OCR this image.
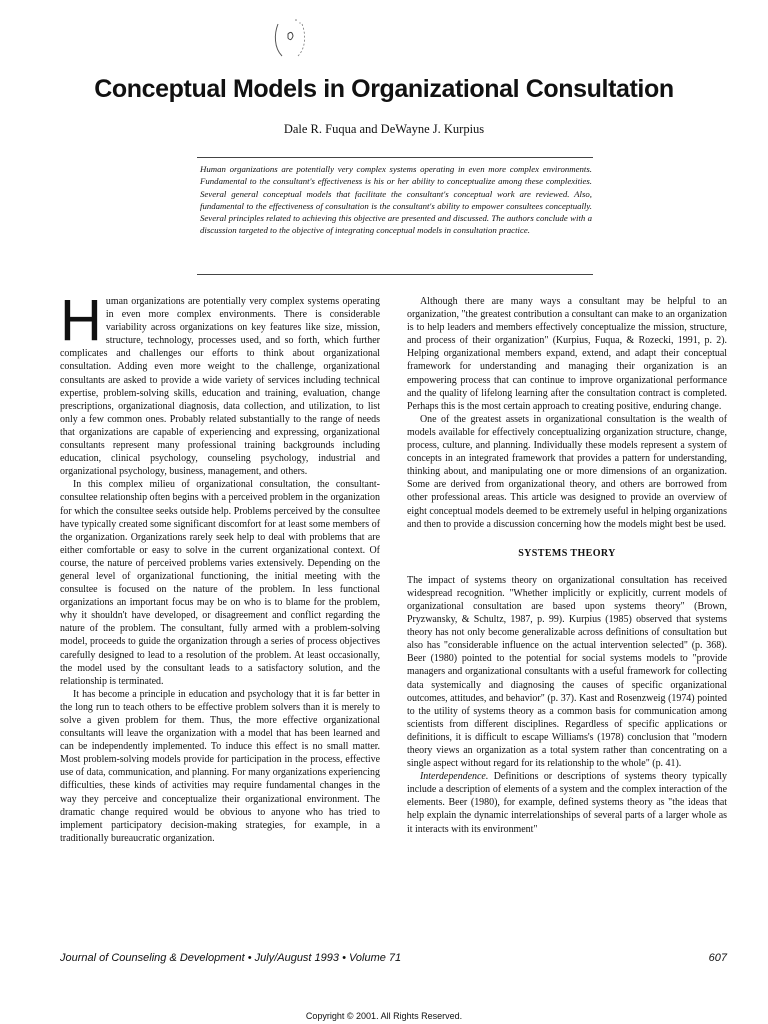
Conceptual Models in Organizational Consultation
Dale R. Fuqua and DeWayne J. Kurpius
Human organizations are potentially very complex systems operating in even more complex environments. Fundamental to the consultant's effectiveness is his or her ability to conceptualize among these complexities. Several general conceptual models that facilitate the consultant's conceptual work are reviewed. Also, fundamental to the effectiveness of consultation is the consultant's ability to empower consultees conceptually. Several principles related to achieving this objective are presented and discussed. The authors conclude with a discussion targeted to the objective of integrating conceptual models in consultation practice.

Human organizations are potentially very complex systems operating in even more complex environments. There is considerable variability across organizations on key features like size, mission, structure, technology, processes used, and so forth, which further complicates and challenges our efforts to think about organizational consultation. Adding even more weight to the challenge, organizational consultants are asked to provide a wide variety of services including technical expertise, problem-solving skills, education and training, evaluation, change prescriptions, organizational diagnosis, data collection, and utilization, to list only a few common ones. Probably related substantially to the range of needs that organizations are capable of experiencing and expressing, organizational consultants represent many professional training backgrounds including education, clinical psychology, counseling psychology, industrial and organizational psychology, business, management, and others.

In this complex milieu of organizational consultation, the consultant-consultee relationship often begins with a perceived problem in the organization for which the consultee seeks outside help. Problems perceived by the consultee have typically created some significant discomfort for at least some members of the organization. Organizations rarely seek help to deal with problems that are either comfortable or easy to solve in the current organizational context. Of course, the nature of perceived problems varies extensively. Depending on the general level of organizational functioning, the initial meeting with the consultee is focused on the nature of the problem. In less functional organizations an important focus may be on who is to blame for the problem, why it shouldn't have developed, or disagreement and conflict regarding the nature of the problem. The consultant, fully armed with a problem-solving model, proceeds to guide the organization through a series of process objectives carefully designed to lead to a resolution of the problem. At least occasionally, the model used by the consultant leads to a satisfactory solution, and the relationship is terminated.

It has become a principle in education and psychology that it is far better in the long run to teach others to be effective problem solvers than it is merely to solve a given problem for them. Thus, the more effective organizational consultants will leave the organization with a model that has been learned and can be independently implemented. To induce this effect is no small matter. Most problem-solving models provide for participation in the process, effective use of data, communication, and planning. For many organizations experiencing difficulties, these kinds of activities may require fundamental changes in the way they perceive and conceptualize their organizational environment. The dramatic change required would be obvious to anyone who has tried to implement participatory decision-making strategies, for example, in a traditionally bureaucratic organization.

Although there are many ways a consultant may be helpful to an organization, "the greatest contribution a consultant can make to an organization is to help leaders and members effectively conceptualize the mission, structure, and process of their organization" (Kurpius, Fuqua, & Rozecki, 1991, p. 2). Helping organizational members expand, extend, and adapt their conceptual framework for understanding and managing their organization is an empowering process that can continue to improve organizational performance and the quality of lifelong learning after the consultation contract is completed. Perhaps this is the most certain approach to creating positive, enduring change.

One of the greatest assets in organizational consultation is the wealth of models available for effectively conceptualizing organization structure, change, process, culture, and planning. Individually these models represent a system of concepts in an integrated framework that provides a pattern for understanding, thinking about, and manipulating one or more dimensions of an organization. Some are derived from organizational theory, and others are borrowed from other professional areas. This article was designed to provide an overview of eight conceptual models deemed to be extremely useful in helping organizations and then to provide a discussion concerning how the models might best be used.

SYSTEMS THEORY

The impact of systems theory on organizational consultation has received widespread recognition. "Whether implicitly or explicitly, current models of organizational consultation are based upon systems theory" (Brown, Pryzwansky, & Schultz, 1987, p. 99). Kurpius (1985) observed that systems theory has not only become generalizable across definitions of consultation but also has "considerable influence on the actual intervention selected" (p. 368). Beer (1980) pointed to the potential for social systems models to "provide managers and organizational consultants with a useful framework for collecting data systemically and diagnosing the causes of specific organizational outcomes, attitudes, and behavior" (p. 37). Kast and Rosenzweig (1974) pointed to the utility of systems theory as a common basis for communication among scientists from different disciplines. Regardless of specific applications or definitions, it is difficult to escape Williams's (1978) conclusion that "modern theory views an organization as a total system rather than concentrating on a single aspect without regard for its relationship to the whole" (p. 41).

Interdependence. Definitions or descriptions of systems theory typically include a description of elements of a system and the complex interaction of the elements. Beer (1980), for example, defined systems theory as "the ideas that help explain the dynamic interrelationships of several parts of a larger whole as it interacts with its environment"

Journal of Counseling & Development • July/August 1993 • Volume 71	607
Copyright © 2001. All Rights Reserved.
